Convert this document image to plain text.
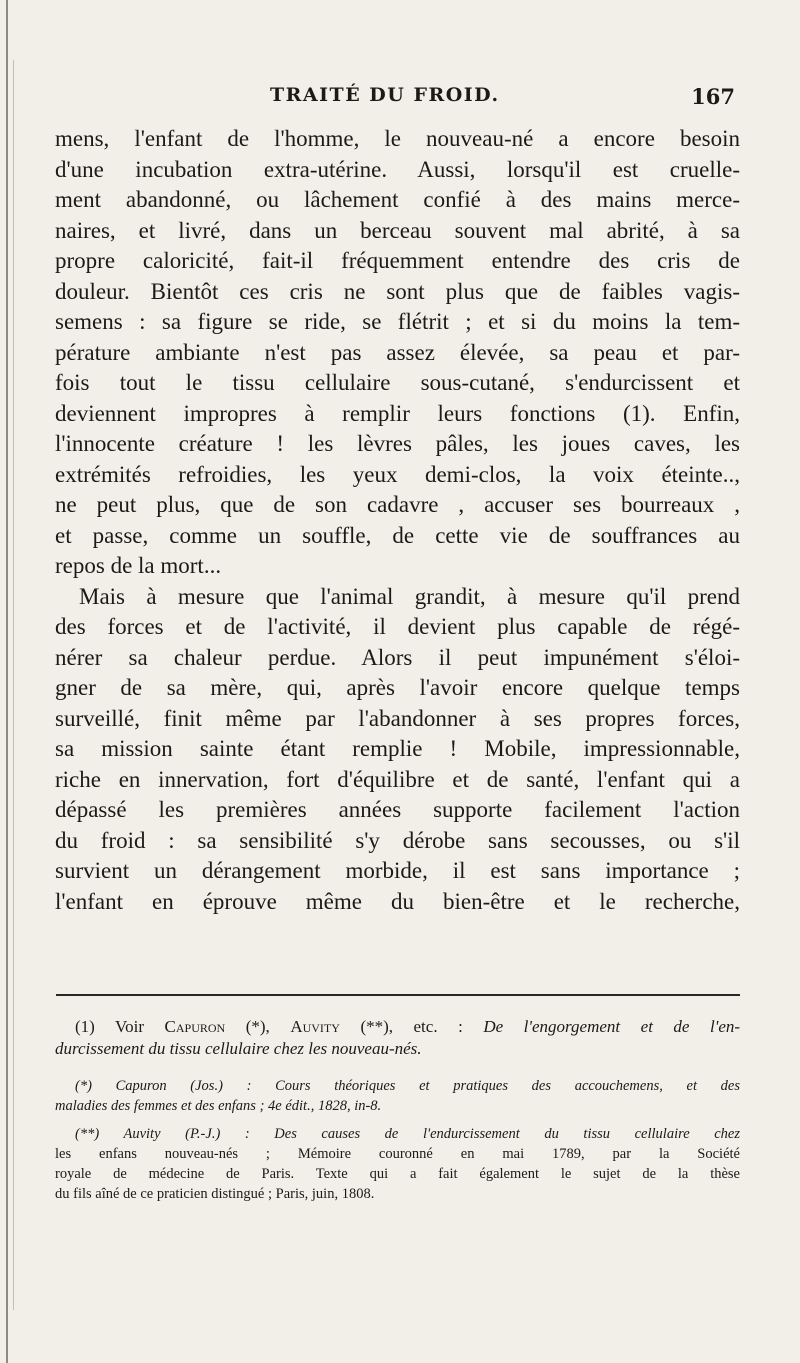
TRAITÉ DU FROID.	167
mens, l'enfant de l'homme, le nouveau-né a encore besoin
d'une incubation extra-utérine. Aussi, lorsqu'il est cruelle-
ment abandonné, ou lâchement confié à des mains merce-
naires, et livré, dans un berceau souvent mal abrité, à sa
propre caloricité, fait-il fréquemment entendre des cris de
douleur. Bientôt ces cris ne sont plus que de faibles vagis-
semens : sa figure se ride, se flétrit ; et si du moins la tem-
pérature ambiante n'est pas assez élevée, sa peau et par-
fois tout le tissu cellulaire sous-cutané, s'endurcissent et
deviennent impropres à remplir leurs fonctions (1). Enfin,
l'innocente créature ! les lèvres pâles, les joues caves, les
extrémités refroidies, les yeux demi-clos, la voix éteinte..,
ne peut plus, que de son cadavre , accuser ses bourreaux ,
et passe, comme un souffle, de cette vie de souffrances au
repos de la mort...
Mais à mesure que l'animal grandit, à mesure qu'il prend
des forces et de l'activité, il devient plus capable de régé-
nérer sa chaleur perdue. Alors il peut impunément s'éloi-
gner de sa mère, qui, après l'avoir encore quelque temps
surveillé, finit même par l'abandonner à ses propres forces,
sa mission sainte étant remplie ! Mobile, impressionnable,
riche en innervation, fort d'équilibre et de santé, l'enfant qui a
dépassé les premières années supporte facilement l'action
du froid : sa sensibilité s'y dérobe sans secousses, ou s'il
survient un dérangement morbide, il est sans importance ;
l'enfant en éprouve même du bien-être et le recherche,
(1) Voir Capuron (*), Auvity (**), etc. : De l'engorgement et de l'en-
durcissement du tissu cellulaire chez les nouveau-nés.
(*) Capuron (Jos.) : Cours théoriques et pratiques des accouchemens, et des
maladies des femmes et des enfans ; 4e édit., 1828, in-8.
(**) Auvity (P.-J.) : Des causes de l'endurcissement du tissu cellulaire chez
les enfans nouveau-nés ; Mémoire couronné en mai 1789, par la Société
royale de médecine de Paris. Texte qui a fait également le sujet de la thèse
du fils aîné de ce praticien distingué ; Paris, juin, 1808.
